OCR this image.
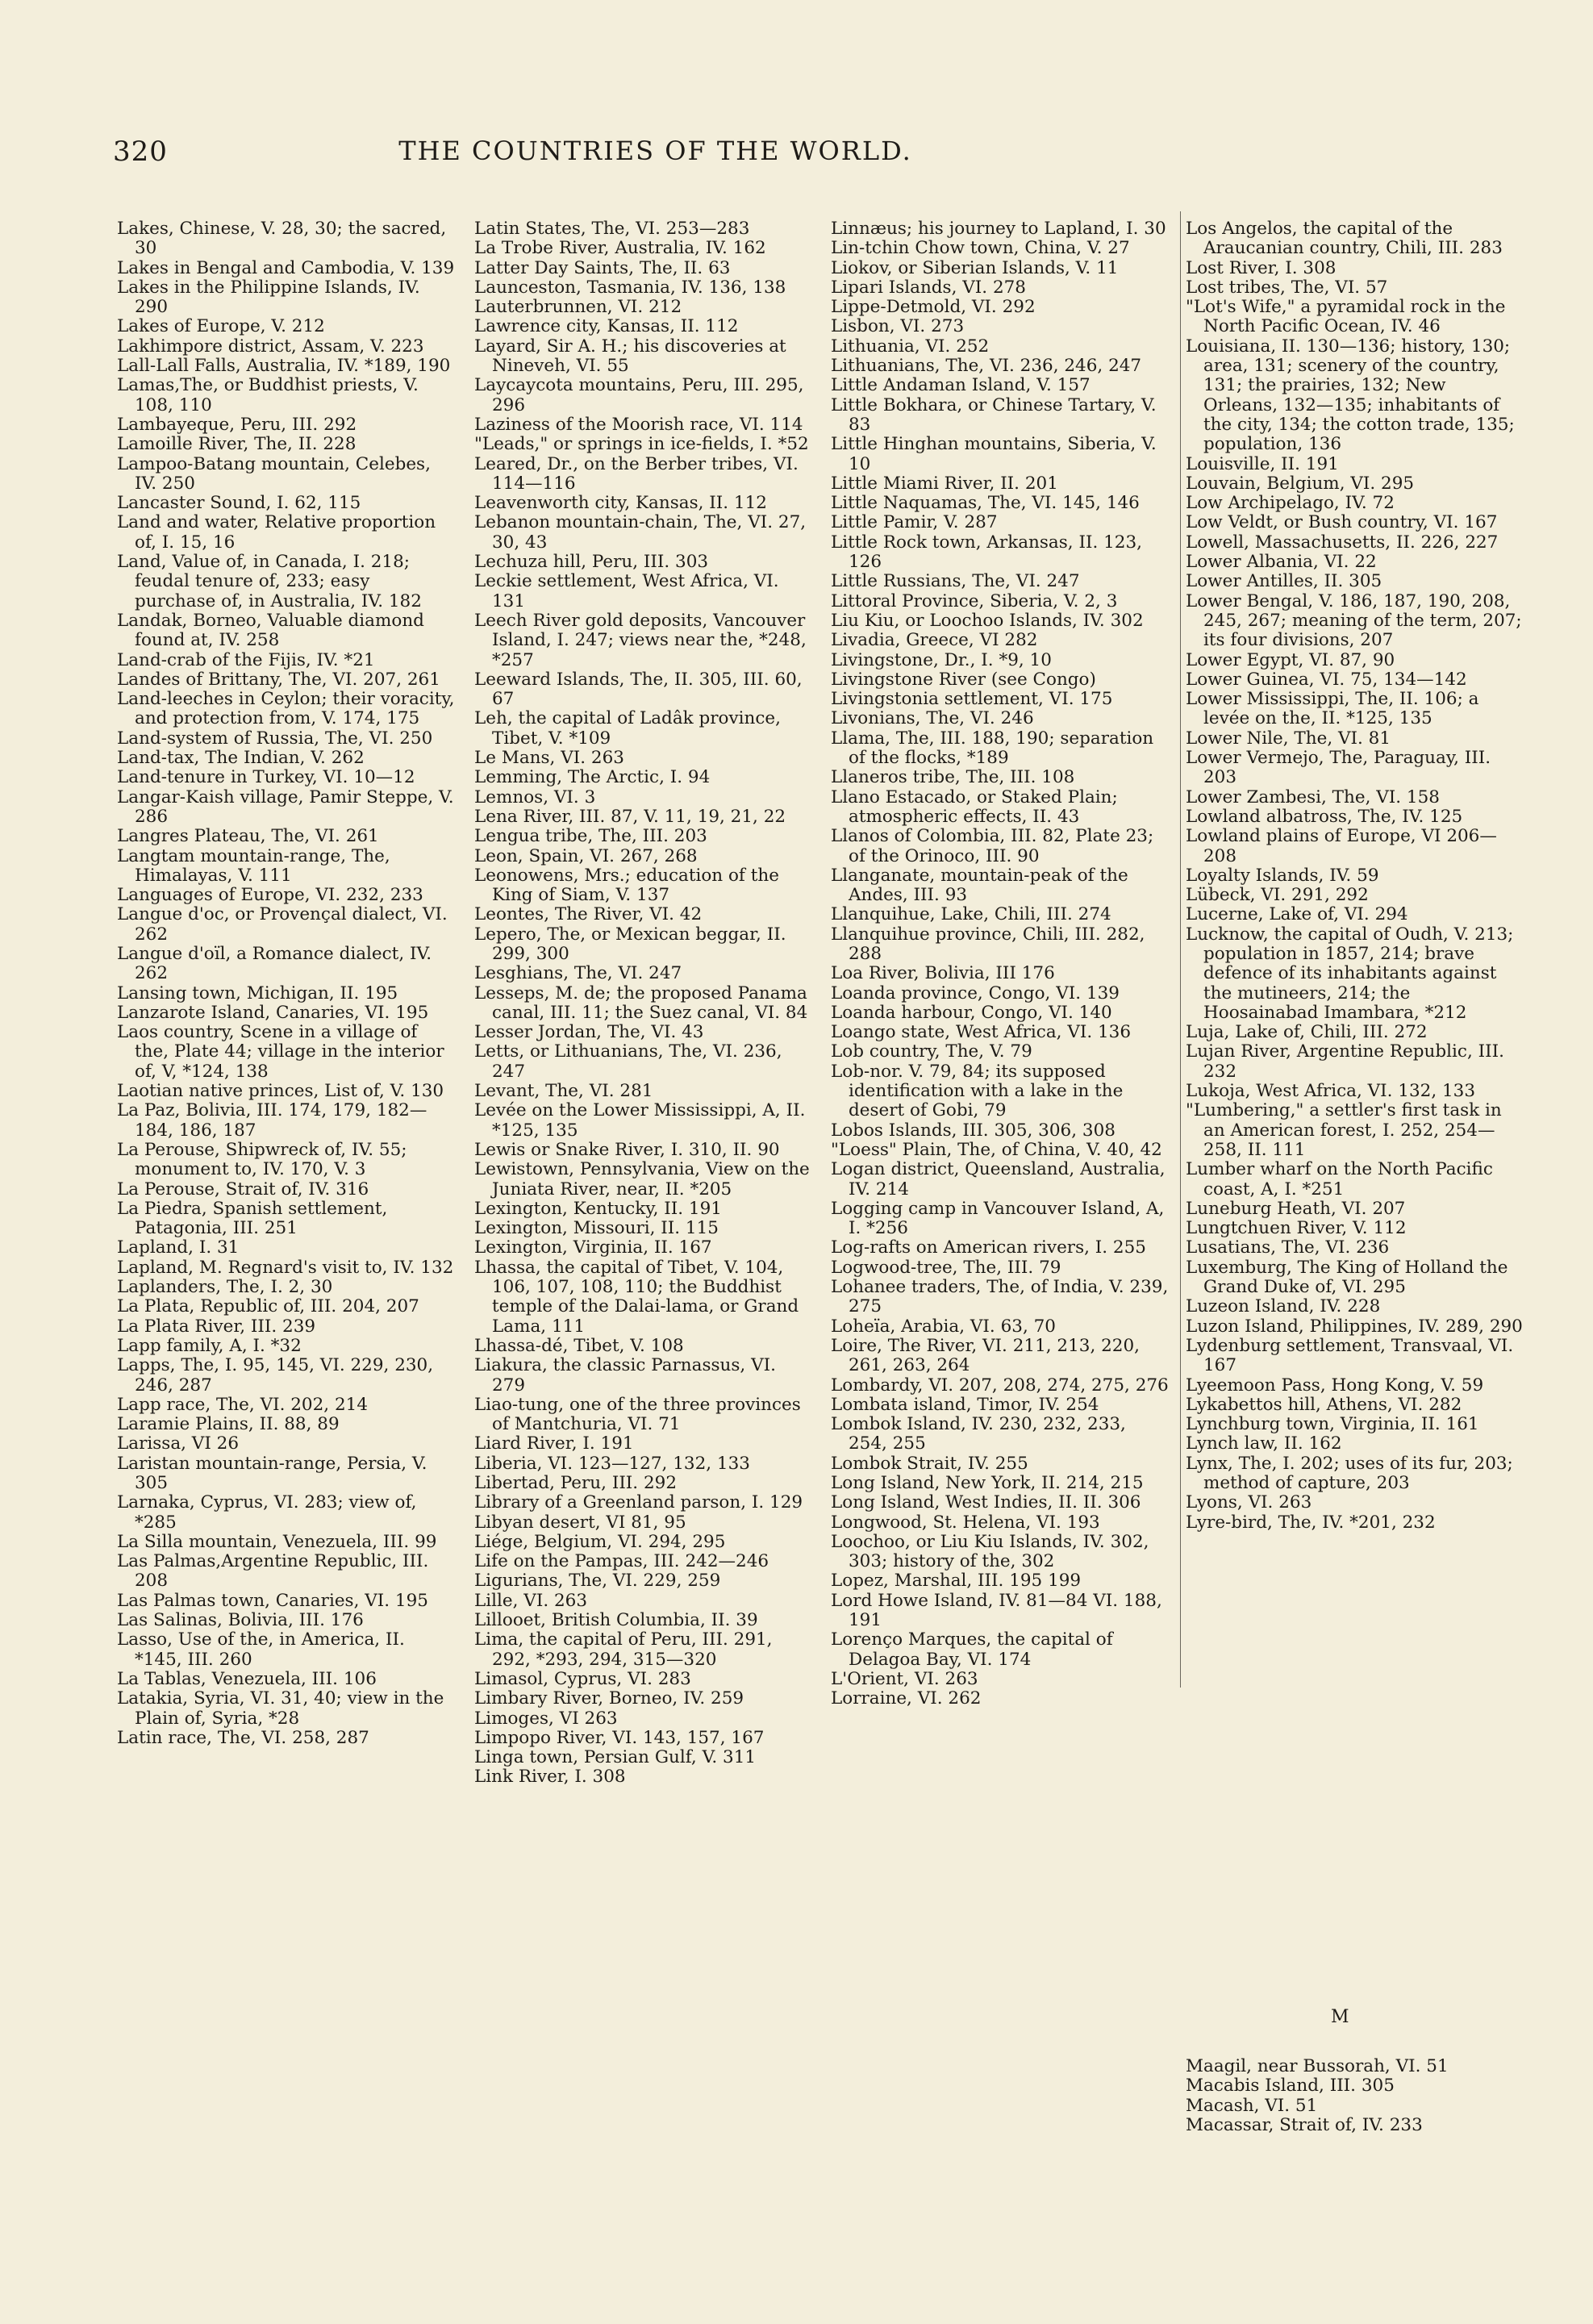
320	THE COUNTRIES OF THE WORLD.

Lakes, Chinese, V. 28, 30; the sacred, 30

Lakes in Bengal and Cambodia, V. 139

Lakes in the Philippine Islands, IV. 290

Lakes of Europe, V. 212

Lakhimpore district, Assam, V. 223

Lall-Lall Falls, Australia, IV. *189, 190

Lamas,The, or Buddhist priests, V. 108, 110

Lambayeque, Peru, III. 292

Lamoille River, The, II. 228

Lampoo-Batang mountain, Celebes, IV. 250

Lancaster Sound, I. 62, 115

Land and water, Relative proportion of, I. 15, 16

Land, Value of, in Canada, I. 218; feudal tenure of, 233; easy purchase of, in Australia, IV. 182

Landak, Borneo, Valuable diamond found at, IV. 258

Land-crab of the Fijis, IV. *21

Landes of Brittany, The, VI. 207, 261

Land-leeches in Ceylon; their voracity, and protection from, V. 174, 175

Land-system of Russia, The, VI. 250

Land-tax, The Indian, V. 262

Land-tenure in Turkey, VI. 10—12

Langar-Kaish village, Pamir Steppe, V. 286

Langres Plateau, The, VI. 261

Langtam mountain-range, The, Himalayas, V. 111

Languages of Europe, VI. 232, 233

Langue d'oc, or Provençal dialect, VI. 262

Langue d'oïl, a Romance dialect, IV. 262

Lansing town, Michigan, II. 195

Lanzarote Island, Canaries, VI. 195

Laos country, Scene in a village of the, Plate 44; village in the interior of, V, *124, 138

Laotian native princes, List of, V. 130

La Paz, Bolivia, III. 174, 179, 182—184, 186, 187

La Perouse, Shipwreck of, IV. 55; monument to, IV. 170, V. 3

La Perouse, Strait of, IV. 316

La Piedra, Spanish settlement, Patagonia, III. 251

Lapland, I. 31

Lapland, M. Regnard's visit to, IV. 132

Laplanders, The, I. 2, 30

La Plata, Republic of, III. 204, 207

La Plata River, III. 239

Lapp family, A, I. *32

Lapps, The, I. 95, 145, VI. 229, 230, 246, 287

Lapp race, The, VI. 202, 214

Laramie Plains, II. 88, 89

Larissa, VI 26

Laristan mountain-range, Persia, V. 305

Larnaka, Cyprus, VI. 283; view of, *285

La Silla mountain, Venezuela, III. 99

Las Palmas,Argentine Republic, III. 208

Las Palmas town, Canaries, VI. 195

Las Salinas, Bolivia, III. 176

Lasso, Use of the, in America, II. *145, III. 260

La Tablas, Venezuela, III. 106

Latakia, Syria, VI. 31, 40; view in the Plain of, Syria, *28

Latin race, The, VI. 258, 287

Latin States, The, VI. 253—283

La Trobe River, Australia, IV. 162

Latter Day Saints, The, II. 63

Launceston, Tasmania, IV. 136, 138

Lauterbrunnen, VI. 212

Lawrence city, Kansas, II. 112

Layard, Sir A. H.; his discoveries at Nineveh, VI. 55

Laycaycota mountains, Peru, III. 295, 296

Laziness of the Moorish race, VI. 114

"Leads," or springs in ice-fields, I. *52

Leared, Dr., on the Berber tribes, VI. 114—116

Leavenworth city, Kansas, II. 112

Lebanon mountain-chain, The, VI. 27, 30, 43

Lechuza hill, Peru, III. 303

Leckie settlement, West Africa, VI. 131

Leech River gold deposits, Vancouver Island, I. 247; views near the, *248, *257

Leeward Islands, The, II. 305, III. 60, 67

Leh, the capital of Ladâk province, Tibet, V. *109

Le Mans, VI. 263

Lemming, The Arctic, I. 94

Lemnos, VI. 3

Lena River, III. 87, V. 11, 19, 21, 22

Lengua tribe, The, III. 203

Leon, Spain, VI. 267, 268

Leonowens, Mrs.; education of the King of Siam, V. 137

Leontes, The River, VI. 42

Lepero, The, or Mexican beggar, II. 299, 300

Lesghians, The, VI. 247

Lesseps, M. de; the proposed Panama canal, III. 11; the Suez canal, VI. 84

Lesser Jordan, The, VI. 43

Letts, or Lithuanians, The, VI. 236, 247

Levant, The, VI. 281

Levée on the Lower Mississippi, A, II. *125, 135

Lewis or Snake River, I. 310, II. 90

Lewistown, Pennsylvania, View on the Juniata River, near, II. *205

Lexington, Kentucky, II. 191

Lexington, Missouri, II. 115

Lexington, Virginia, II. 167

Lhassa, the capital of Tibet, V. 104, 106, 107, 108, 110; the Buddhist temple of the Dalai-lama, or Grand Lama, 111

Lhassa-dé, Tibet, V. 108

Liakura, the classic Parnassus, VI. 279

Liao-tung, one of the three provinces of Mantchuria, VI. 71

Liard River, I. 191

Liberia, VI. 123—127, 132, 133

Libertad, Peru, III. 292

Library of a Greenland parson, I. 129

Libyan desert, VI 81, 95

Liége, Belgium, VI. 294, 295

Life on the Pampas, III. 242—246

Ligurians, The, VI. 229, 259

Lille, VI. 263

Lillooet, British Columbia, II. 39

Lima, the capital of Peru, III. 291, 292, *293, 294, 315—320

Limasol, Cyprus, VI. 283

Limbary River, Borneo, IV. 259

Limoges, VI 263

Limpopo River, VI. 143, 157, 167

Linga town, Persian Gulf, V. 311

Link River, I. 308

Linnæus; his journey to Lapland, I. 30

Lin-tchin Chow town, China, V. 27

Liokov, or Siberian Islands, V. 11

Lipari Islands, VI. 278

Lippe-Detmold, VI. 292

Lisbon, VI. 273

Lithuania, VI. 252

Lithuanians, The, VI. 236, 246, 247

Little Andaman Island, V. 157

Little Bokhara, or Chinese Tartary, V. 83

Little Hinghan mountains, Siberia, V. 10

Little Miami River, II. 201

Little Naquamas, The, VI. 145, 146

Little Pamir, V. 287

Little Rock town, Arkansas, II. 123, 126

Little Russians, The, VI. 247

Littoral Province, Siberia, V. 2, 3

Liu Kiu, or Loochoo Islands, IV. 302

Livadia, Greece, VI 282

Livingstone, Dr., I. *9, 10

Livingstone River (see Congo)

Livingstonia settlement, VI. 175

Livonians, The, VI. 246

Llama, The, III. 188, 190; separation of the flocks, *189

Llaneros tribe, The, III. 108

Llano Estacado, or Staked Plain; atmospheric effects, II. 43

Llanos of Colombia, III. 82, Plate 23; of the Orinoco, III. 90

Llanganate, mountain-peak of the Andes, III. 93

Llanquihue, Lake, Chili, III. 274

Llanquihue province, Chili, III. 282, 288

Loa River, Bolivia, III 176

Loanda province, Congo, VI. 139

Loanda harbour, Congo, VI. 140

Loango state, West Africa, VI. 136

Lob country, The, V. 79

Lob-nor. V. 79, 84; its supposed identification with a lake in the desert of Gobi, 79

Lobos Islands, III. 305, 306, 308

"Loess" Plain, The, of China, V. 40, 42

Logan district, Queensland, Australia, IV. 214

Logging camp in Vancouver Island, A, I. *256

Log-rafts on American rivers, I. 255

Logwood-tree, The, III. 79

Lohanee traders, The, of India, V. 239, 275

Loheïa, Arabia, VI. 63, 70

Loire, The River, VI. 211, 213, 220, 261, 263, 264

Lombardy, VI. 207, 208, 274, 275, 276

Lombata island, Timor, IV. 254

Lombok Island, IV. 230, 232, 233, 254, 255

Lombok Strait, IV. 255

Long Island, New York, II. 214, 215

Long Island, West Indies, II. II. 306

Longwood, St. Helena, VI. 193

Loochoo, or Liu Kiu Islands, IV. 302, 303; history of the, 302

Lopez, Marshal, III. 195 199

Lord Howe Island, IV. 81—84 VI. 188, 191

Lorenço Marques, the capital of Delagoa Bay, VI. 174

L'Orient, VI. 263

Lorraine, VI. 262

Los Angelos, the capital of the Araucanian country, Chili, III. 283

Lost River, I. 308

Lost tribes, The, VI. 57

"Lot's Wife," a pyramidal rock in the North Pacific Ocean, IV. 46

Louisiana, II. 130—136; history, 130; area, 131; scenery of the country, 131; the prairies, 132; New Orleans, 132—135; inhabitants of the city, 134; the cotton trade, 135; population, 136

Louisville, II. 191

Louvain, Belgium, VI. 295

Low Archipelago, IV. 72

Low Veldt, or Bush country, VI. 167

Lowell, Massachusetts, II. 226, 227

Lower Albania, VI. 22

Lower Antilles, II. 305

Lower Bengal, V. 186, 187, 190, 208, 245, 267; meaning of the term, 207; its four divisions, 207

Lower Egypt, VI. 87, 90

Lower Guinea, VI. 75, 134—142

Lower Mississippi, The, II. 106; a levée on the, II. *125, 135

Lower Nile, The, VI. 81

Lower Vermejo, The, Paraguay, III. 203

Lower Zambesi, The, VI. 158

Lowland albatross, The, IV. 125

Lowland plains of Europe, VI 206—208

Loyalty Islands, IV. 59

Lübeck, VI. 291, 292

Lucerne, Lake of, VI. 294

Lucknow, the capital of Oudh, V. 213; population in 1857, 214; brave defence of its inhabitants against the mutineers, 214; the Hoosainabad Imambara, *212

Luja, Lake of, Chili, III. 272

Lujan River, Argentine Republic, III. 232

Lukoja, West Africa, VI. 132, 133

"Lumbering," a settler's first task in an American forest, I. 252, 254—258, II. 111

Lumber wharf on the North Pacific coast, A, I. *251

Luneburg Heath, VI. 207

Lungtchuen River, V. 112

Lusatians, The, VI. 236

Luxemburg, The King of Holland the Grand Duke of, VI. 295

Luzeon Island, IV. 228

Luzon Island, Philippines, IV. 289, 290

Lydenburg settlement, Transvaal, VI. 167

Lyeemoon Pass, Hong Kong, V. 59

Lykabettos hill, Athens, VI. 282

Lynchburg town, Virginia, II. 161

Lynch law, II. 162

Lynx, The, I. 202; uses of its fur, 203; method of capture, 203

Lyons, VI. 263

Lyre-bird, The, IV. *201, 232

M

Maagil, near Bussorah, VI. 51

Macabis Island, III. 305

Macash, VI. 51

Macassar, Strait of, IV. 233
